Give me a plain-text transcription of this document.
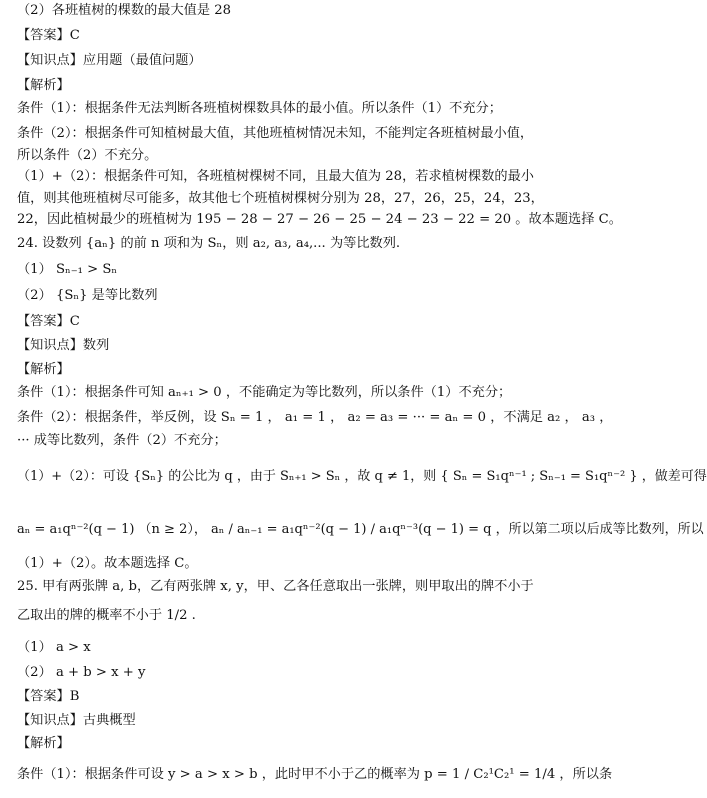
（2）各班植树的棵数的最大值是 28
【答案】C
【知识点】应用题（最值问题）
【解析】
条件（1）：根据条件无法判断各班植树棵数具体的最小值。所以条件（1）不充分；
条件（2）：根据条件可知植树最大值，其他班植树情况未知，不能判定各班植树最小值，
所以条件（2）不充分。
（1）+（2）：根据条件可知，各班植树棵树不同，且最大值为 28，若求植树棵数的最小
值，则其他班植树尽可能多，故其他七个班植树棵树分别为 28，27，26，25，24，23，
22，因此植树最少的班植树为 195 − 28 − 27 − 26 − 25 − 24 − 23 − 22 = 20 。故本题选择 C。
24. 设数列 {aₙ} 的前 n 项和为 Sₙ，则 a₂, a₃, a₄,... 为等比数列.
（1） Sₙ₋₁ > Sₙ
（2） {Sₙ} 是等比数列
【答案】C
【知识点】数列
【解析】
条件（1）：根据条件可知 aₙ₊₁ > 0 ，不能确定为等比数列，所以条件（1）不充分；
条件（2）：根据条件，举反例，设 Sₙ = 1 ， a₁ = 1 ， a₂ = a₃ = ··· = aₙ = 0 ，不满足 a₂ ， a₃ ，
··· 成等比数列，条件（2）不充分；
（1）+（2）：可设 {Sₙ} 的公比为 q ，由于 Sₙ₊₁ > Sₙ ，故 q ≠ 1，则 { Sₙ = S₁qⁿ⁻¹ ; Sₙ₋₁ = S₁qⁿ⁻² } ，做差可得
aₙ = a₁qⁿ⁻²(q − 1) （n ≥ 2）， aₙ / aₙ₋₁ = a₁qⁿ⁻²(q − 1) / a₁qⁿ⁻³(q − 1) = q ，所以第二项以后成等比数列，所以
（1）+（2）。故本题选择 C。
25. 甲有两张牌 a, b，乙有两张牌 x, y，甲、乙各任意取出一张牌，则甲取出的牌不小于
乙取出的牌的概率不小于 1/2 .
（1） a > x
（2） a + b > x + y
【答案】B
【知识点】古典概型
【解析】
条件（1）：根据条件可设 y > a > x > b ，此时甲不小于乙的概率为 p = 1 / C₂¹C₂¹ = 1/4 ，所以条
